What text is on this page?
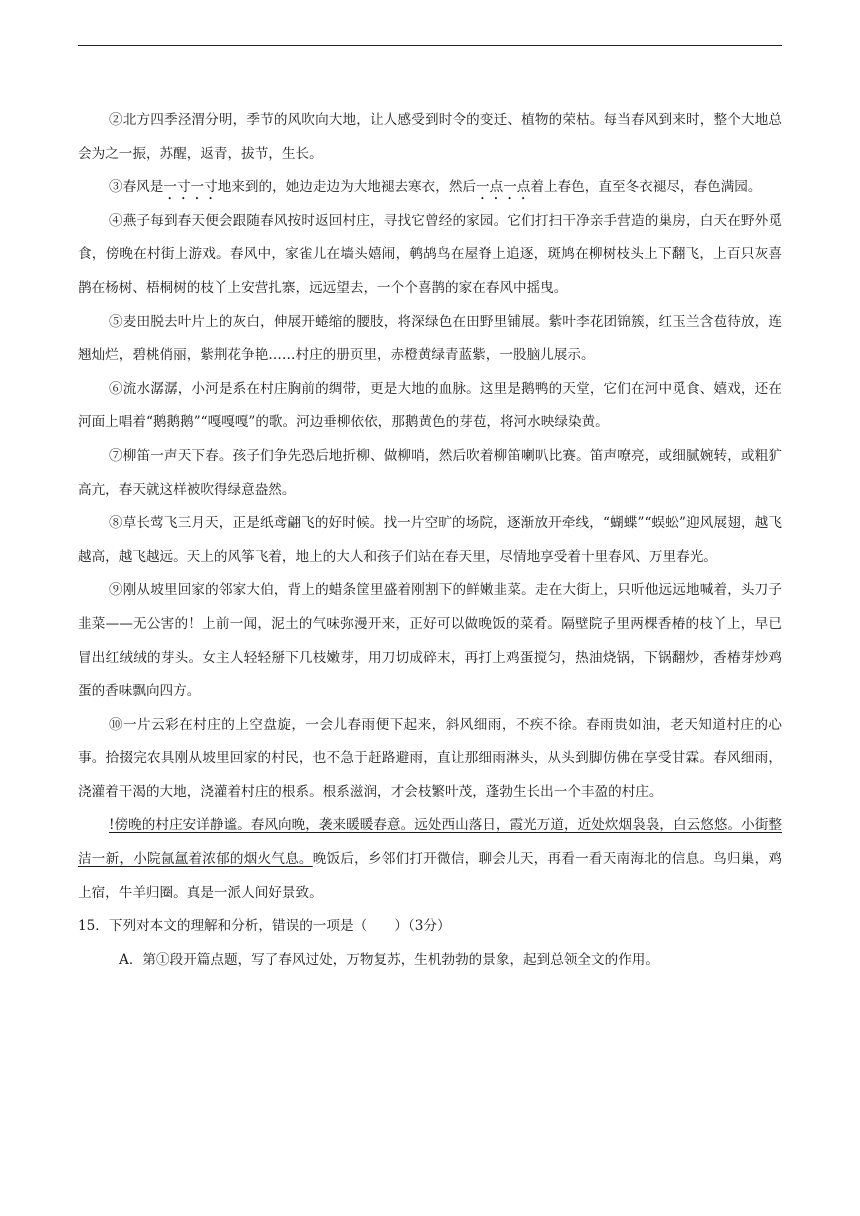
②北方四季泾渭分明，季节的风吹向大地，让人感受到时令的变迁、植物的荣枯。每当春风到来时，整个大地总会为之一振，苏醒，返青，拔节，生长。

③春风是一寸一寸地来到的，她边走边为大地褪去寒衣，然后一点一点着上春色，直至冬衣褪尽，春色满园。

④燕子每到春天便会跟随春风按时返回村庄，寻找它曾经的家园。它们打扫干净亲手营造的巢房，白天在野外觅食，傍晚在村街上游戏。春风中，家雀儿在墙头嬉闹，鹌鸪鸟在屋脊上追逐，斑鸠在柳树枝头上下翻飞，上百只灰喜鹊在杨树、梧桐树的枝丫上安营扎寨，远远望去，一个个喜鹊的家在春风中摇曳。

⑤麦田脱去叶片上的灰白，伸展开蜷缩的腰肢，将深绿色在田野里铺展。紫叶李花团锦簇，红玉兰含苞待放，连翘灿烂，碧桃俏丽，紫荆花争艳……村庄的册页里，赤橙黄绿青蓝紫，一股脑儿展示。

⑥流水潺潺，小河是系在村庄胸前的绸带，更是大地的血脉。这里是鹅鸭的天堂，它们在河中觅食、嬉戏，还在河面上唱着“鹅鹅鹅”“嘎嘎嘎”的歌。河边垂柳依依，那鹅黄色的芽苞，将河水映绿染黄。

⑦柳笛一声天下春。孩子们争先恐后地折柳、做柳哨，然后吹着柳笛喇叭比赛。笛声嘹亮，或细腻婉转，或粗犷高亢，春天就这样被吹得绿意盎然。

⑧草长莺飞三月天，正是纸鸢翩飞的好时候。找一片空旷的场院，逐渐放开牵线，“蝴蝶”“蜈蚣”迎风展翅，越飞越高，越飞越远。天上的风筝飞着，地上的大人和孩子们站在春天里，尽情地享受着十里春风、万里春光。

⑨刚从坡里回家的邻家大伯，背上的蜡条筐里盛着刚割下的鲜嫩韭菜。走在大街上，只听他远远地喊着，头刀子韭菜——无公害的！上前一闻，泥土的气味弥漫开来，正好可以做晚饭的菜肴。隔壁院子里两棵香椿的枝丫上，早已冒出红绒绒的芽头。女主人轻轻掰下几枝嫩芽，用刀切成碎末，再打上鸡蛋搅匀，热油烧锅，下锅翻炒，香椿芽炒鸡蛋的香味飘向四方。

⑩一片云彩在村庄的上空盘旋，一会儿春雨便下起来，斜风细雨，不疾不徐。春雨贵如油，老天知道村庄的心事。拾掇完农具刚从坡里回家的村民，也不急于赶路避雨，直让那细雨淋头，从头到脚仿佛在享受甘霖。春风细雨，浇灌着干渴的大地，浇灌着村庄的根系。根系滋润，才会枝繁叶茂，蓬勃生长出一个丰盈的村庄。

!傍晚的村庄安详静谧。春风向晚，袭来暖暖春意。远处西山落日，霞光万道，近处炊烟袅袅，白云悠悠。小街整洁一新，小院氤氲着浓郁的烟火气息。晚饭后，乡邻们打开微信，聊会儿天，再看一看天南海北的信息。鸟归巢，鸡上宿，牛羊归圈。真是一派人间好景致。

15．下列对本文的理解和分析，错误的一项是（　　）（3分）

A．第①段开篇点题，写了春风过处，万物复苏，生机勃勃的景象，起到总领全文的作用。
